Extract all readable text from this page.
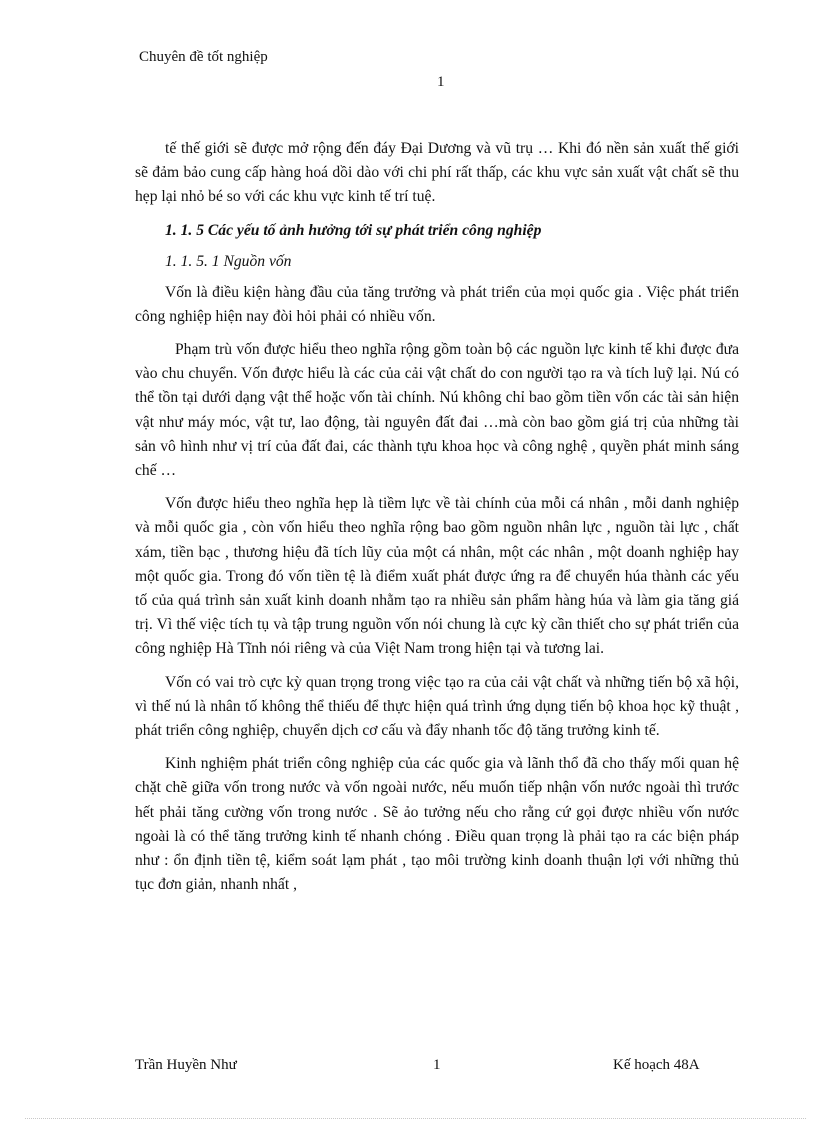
Chuyên đề tốt nghiệp
1

tế thế giới sẽ được mở rộng đến đáy Đại Dương và vũ trụ … Khi đó nền sản xuất thế giới sẽ đảm bảo cung cấp hàng hoá dồi dào với chi phí rất thấp, các khu vực sản xuất vật chất sẽ thu hẹp lại nhỏ bé so với các khu vực kinh tế trí tuệ.

1. 1. 5 Các yếu tố ảnh hưởng tới sự phát triển công nghiệp
1. 1. 5. 1 Nguồn vốn

Vốn là điều kiện hàng đầu của tăng trưởng và phát triển của mọi quốc gia . Việc phát triển công nghiệp hiện nay đòi hỏi phải có nhiều vốn.

Phạm trù vốn được hiểu theo nghĩa rộng gồm toàn bộ các nguồn lực kinh tế khi được đưa vào chu chuyển. Vốn được hiểu là các của cải vật chất do con người tạo ra và tích luỹ lại. Nú có thể tồn tại dưới dạng vật thể hoặc vốn tài chính. Nú không chỉ bao gồm tiền vốn các tài sản hiện vật như máy móc, vật tư, lao động, tài nguyên đất đai …mà còn bao gồm giá trị của những tài sản vô hình như vị trí của đất đai, các thành tựu khoa học và công nghệ , quyền phát minh sáng chế …

Vốn được hiểu theo nghĩa hẹp là tiềm lực về tài chính của mỗi cá nhân , mỗi danh nghiệp và mỗi quốc gia , còn vốn hiểu theo nghĩa rộng bao gồm nguồn nhân lực , nguồn tài lực , chất xám, tiền bạc , thương hiệu đã tích lũy của một cá nhân, một các nhân , một doanh nghiệp hay một quốc gia. Trong đó vốn tiền tệ là điểm xuất phát được ứng ra để chuyển húa thành các yếu tố của quá trình sản xuất kinh doanh nhằm tạo ra nhiều sản phẩm hàng húa và làm gia tăng giá trị. Vì thế việc tích tụ và tập trung nguồn vốn nói chung là cực kỳ cần thiết cho sự phát triển của công nghiệp Hà Tĩnh nói riêng và của Việt Nam trong hiện tại và tương lai.

Vốn có vai trò cực kỳ quan trọng trong việc tạo ra của cải vật chất và những tiến bộ xã hội, vì thế nú là nhân tố không thể thiếu để thực hiện quá trình ứng dụng tiến bộ khoa học kỹ thuật , phát triển công nghiệp, chuyển dịch cơ cấu và đẩy nhanh tốc độ tăng trưởng kinh tế.

Kinh nghiệm phát triển công nghiệp của các quốc gia và lãnh thổ đã cho thấy mối quan hệ chặt chẽ giữa vốn trong nước và vốn ngoài nước, nếu muốn tiếp nhận vốn nước ngoài thì trước hết phải tăng cường vốn trong nước . Sẽ ảo tưởng nếu cho rằng cứ gọi được nhiều vốn nước ngoài là có thể tăng trưởng kinh tế nhanh chóng . Điều quan trọng là phải tạo ra các biện pháp như : ổn định tiền tệ, kiểm soát lạm phát , tạo môi trường kinh doanh thuận lợi với những thủ tục đơn giản, nhanh nhất ,

Trần Huyền Như	1	Kế hoạch 48A
